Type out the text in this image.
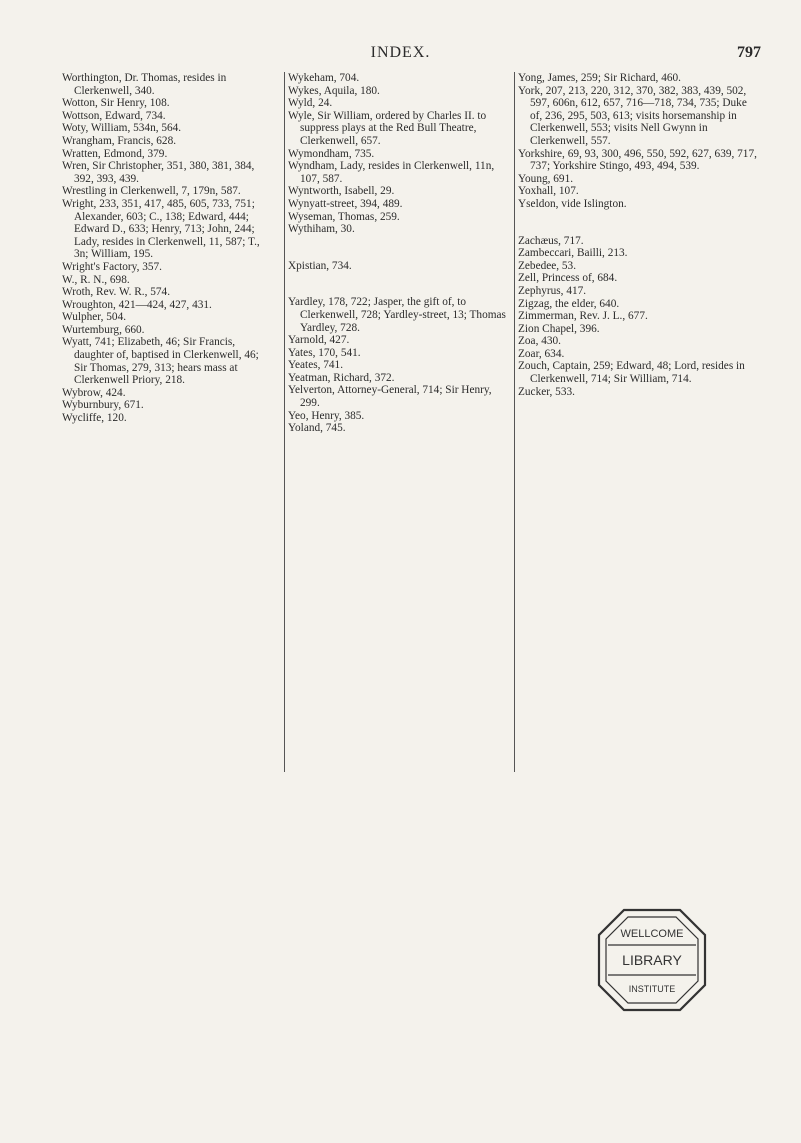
INDEX.	797

Worthington, Dr. Thomas, resides in Clerkenwell, 340.

Wotton, Sir Henry, 108.

Wottson, Edward, 734.

Woty, William, 534n, 564.

Wrangham, Francis, 628.

Wratten, Edmond, 379.

Wren, Sir Christopher, 351, 380, 381, 384, 392, 393, 439.

Wrestling in Clerkenwell, 7, 179n, 587.

Wright, 233, 351, 417, 485, 605, 733, 751; Alexander, 603; C., 138; Edward, 444; Edward D., 633; Henry, 713; John, 244; Lady, resides in Clerkenwell, 11, 587; T., 3n; William, 195.

Wright's Factory, 357.

W., R. N., 698.

Wroth, Rev. W. R., 574.

Wroughton, 421—424, 427, 431.

Wulpher, 504.

Wurtemburg, 660.

Wyatt, 741; Elizabeth, 46; Sir Francis, daughter of, baptised in Clerkenwell, 46; Sir Thomas, 279, 313; hears mass at Clerkenwell Priory, 218.

Wybrow, 424.

Wyburnbury, 671.

Wycliffe, 120.

Wykeham, 704.

Wykes, Aquila, 180.

Wyld, 24.

Wyle, Sir William, ordered by Charles II. to suppress plays at the Red Bull Theatre, Clerkenwell, 657.

Wymondham, 735.

Wyndham, Lady, resides in Clerkenwell, 11n, 107, 587.

Wyntworth, Isabell, 29.

Wynyatt-street, 394, 489.

Wyseman, Thomas, 259.

Wythiham, 30.

Xpistian, 734.

Yardley, 178, 722; Jasper, the gift of, to Clerkenwell, 728; Yardley-street, 13; Thomas Yardley, 728.

Yarnold, 427.

Yates, 170, 541.

Yeates, 741.

Yeatman, Richard, 372.

Yelverton, Attorney-General, 714; Sir Henry, 299.

Yeo, Henry, 385.

Yoland, 745.

Yong, James, 259; Sir Richard, 460.

York, 207, 213, 220, 312, 370, 382, 383, 439, 502, 597, 606n, 612, 657, 716—718, 734, 735; Duke of, 236, 295, 503, 613; visits horsemanship in Clerkenwell, 553; visits Nell Gwynn in Clerkenwell, 557.

Yorkshire, 69, 93, 300, 496, 550, 592, 627, 639, 717, 737; Yorkshire Stingo, 493, 494, 539.

Young, 691.

Yoxhall, 107.

Yseldon, vide Islington.

Zachæus, 717.

Zambeccari, Bailli, 213.

Zebedee, 53.

Zell, Princess of, 684.

Zephyrus, 417.

Zigzag, the elder, 640.

Zimmerman, Rev. J. L., 677.

Zion Chapel, 396.

Zoa, 430.

Zoar, 634.

Zouch, Captain, 259; Edward, 48; Lord, resides in Clerkenwell, 714; Sir William, 714.

Zucker, 533.

WELLCOME
LIBRARY
INSTITUTE
